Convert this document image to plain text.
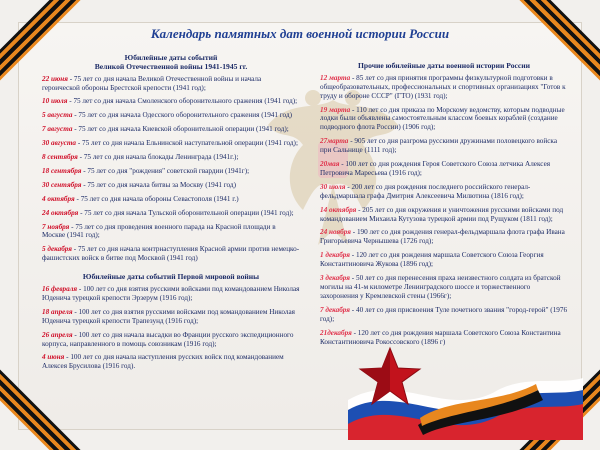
Календарь памятных дат военной истории России
Юбилейные даты событий
Великой Отечественной войны 1941-1945 гг.
22 июня - 75 лет со дня начала Великой Отечественной войны и начала героической обороны Брестской крепости (1941 год);
10 июля - 75 лет со дня начала Смоленского оборонительного сражения (1941 год);
5 августа - 75 лет со дня начала Одесского оборонительного сражения (1941 год)
7 августа - 75 лет со дня начала Киевской оборонительной операции (1941 год);
30 августа - 75 лет со дня начала Ельнинской наступательной операции (1941 год);
8 сентября - 75 лет со дня начала блокады Ленинграда (1941г.);
18 сентября - 75 лет со дня "рождения" советской гвардии (1941г);
30 сентября - 75 лет со дня начала битвы за Москву (1941 год)
4 октября - 75 лет со дня начала обороны Севастополя (1941 г.)
24 октября - 75 лет со дня начала Тульской оборонительной операции (1941 год);
7 ноября - 75 лет со дня проведения военного парада на Красной площади в Москве (1941 год);
5 декабря - 75 лет со дня начала контрнаступления Красной армии против немецко-фашистских войск в битве под Москвой (1941 год)
Юбилейные даты событий Первой мировой войны
16 февраля - 100 лет со дня взятия русскими войсками под командованием Николая Юденича турецкой крепости Эрзерум (1916 год);
18 апреля - 100 лет со дня взятия русскими войсками под командованием Николая Юденича турецкой крепости Трапезунд (1916 год);
26 апреля - 100 лет со дня начала высадки во Франции русского экспедиционного корпуса, направленного в помощь союзникам (1916 год);
4 июня - 100 лет со дня начала наступления русских войск под командованием Алексея Брусилова (1916 год).
Прочие юбилейные даты военной истории России
12 марта - 85 лет со дня принятия программы физкультурной подготовки в общеобразовательных, профессиональных и спортивных организациях "Готов к труду и обороне СССР" (ГТО) (1931 год);
19 марта - 110 лет со дня приказа по Морскому ведомству, которым подводные лодки были объявлены самостоятельным классом боевых кораблей (создание подводного флота России) (1906 год);
27марта - 905 лет со дня разгрома русскими дружинами половецкого войска при Сальнице (1111 год);
20мая - 100 лет со дня рождения Героя Советского Союза летчика Алексея Петровича Маресьева (1916 год);
30 июля - 200 лет со дня рождения последнего российского генерал- фельдмаршала графа Дмитрия Алексеевича Милютина (1816 год);
14 октября - 205 лет со дня окружения и уничтожения русскими войсками под командованием Михаила Кутузова турецкой армии под Рущуком (1811 год);
24 ноября - 190 лет со дня рождения генерал-фельдмаршала флота графа Ивана Григорьевича Чернышева (1726 год);
1 декабря - 120 лет со дня рождения маршала Советского Союза Георгия Константиновича Жукова (1896 год);
3 декабря - 50 лет со дня перенесения праха неизвестного солдата из братской могилы на 41-м километре Ленинградского шоссе и торжественного захоронения у Кремлевской стены (1966г);
7 декабря - 40 лет со дня присвоения Туле почетного звания "город-герой" (1976 год);
21декабря - 120 лет со дня рождения маршала Советского Союза Константина Константиновича Рокоссовского (1896 г)
